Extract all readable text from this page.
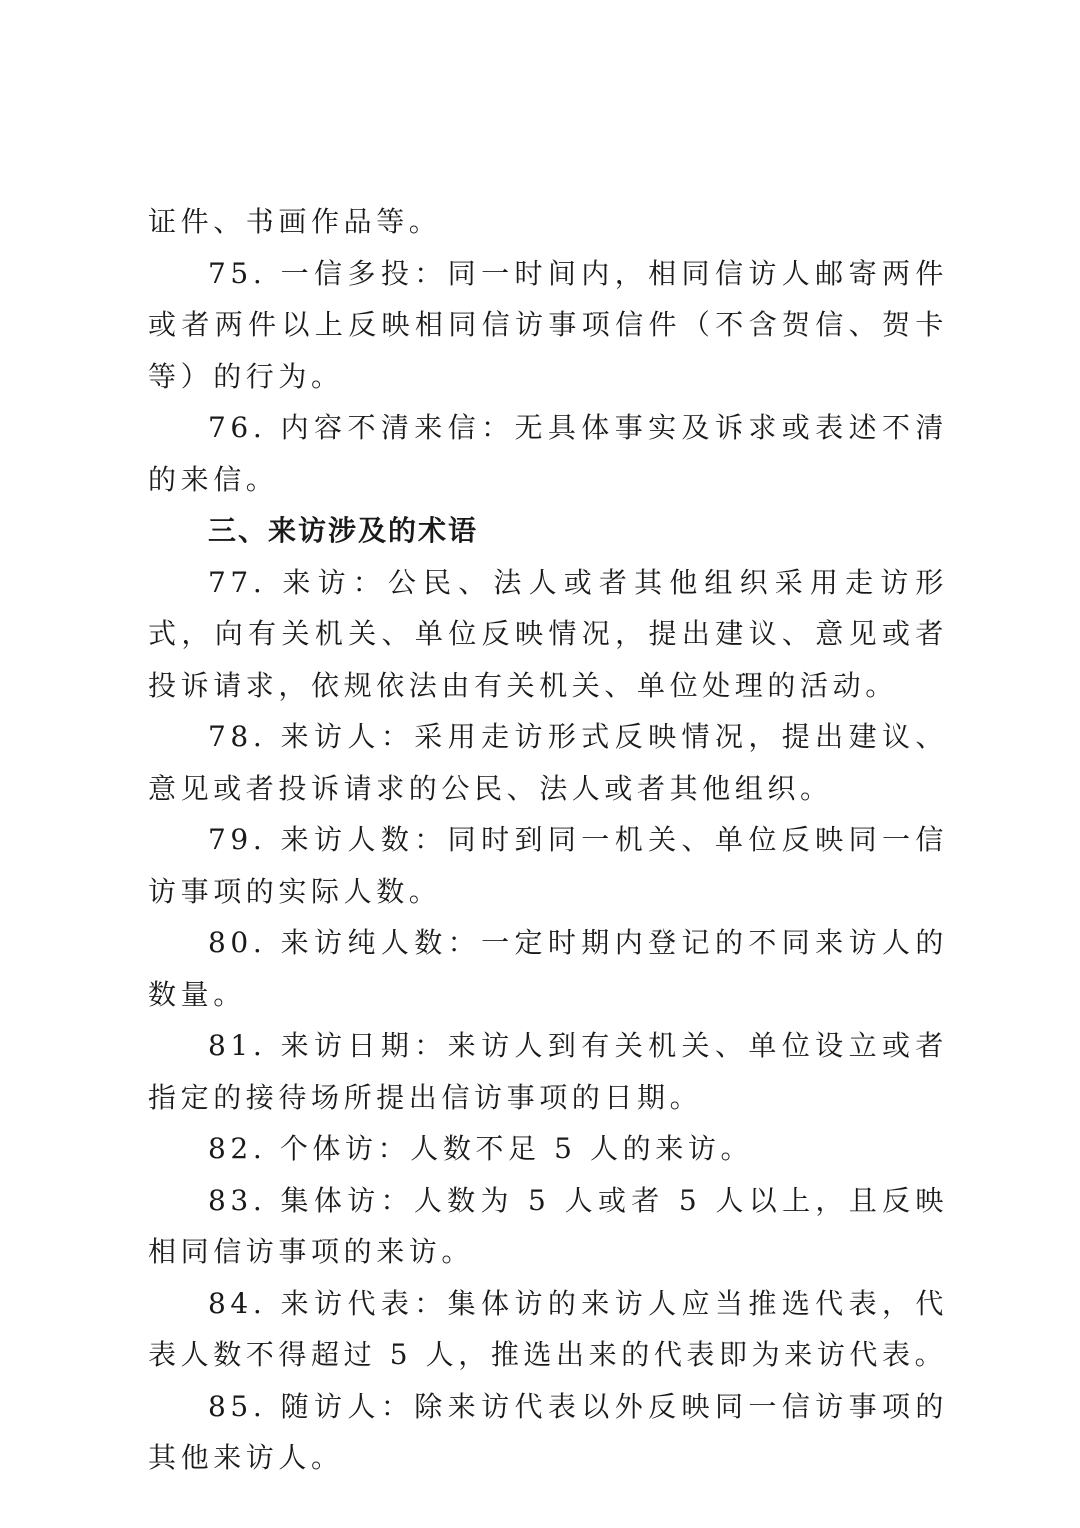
证件、书画作品等。

75. 一信多投：同一时间内，相同信访人邮寄两件或者两件以上反映相同信访事项信件（不含贺信、贺卡等）的行为。

76. 内容不清来信：无具体事实及诉求或表述不清的来信。

三、来访涉及的术语

77. 来访：公民、法人或者其他组织采用走访形式，向有关机关、单位反映情况，提出建议、意见或者投诉请求，依规依法由有关机关、单位处理的活动。

78. 来访人：采用走访形式反映情况，提出建议、意见或者投诉请求的公民、法人或者其他组织。

79. 来访人数：同时到同一机关、单位反映同一信访事项的实际人数。

80. 来访纯人数：一定时期内登记的不同来访人的数量。

81. 来访日期：来访人到有关机关、单位设立或者指定的接待场所提出信访事项的日期。

82. 个体访：人数不足 5 人的来访。

83. 集体访：人数为 5 人或者 5 人以上，且反映相同信访事项的来访。

84. 来访代表：集体访的来访人应当推选代表，代表人数不得超过 5 人，推选出来的代表即为来访代表。

85. 随访人：除来访代表以外反映同一信访事项的其他来访人。
